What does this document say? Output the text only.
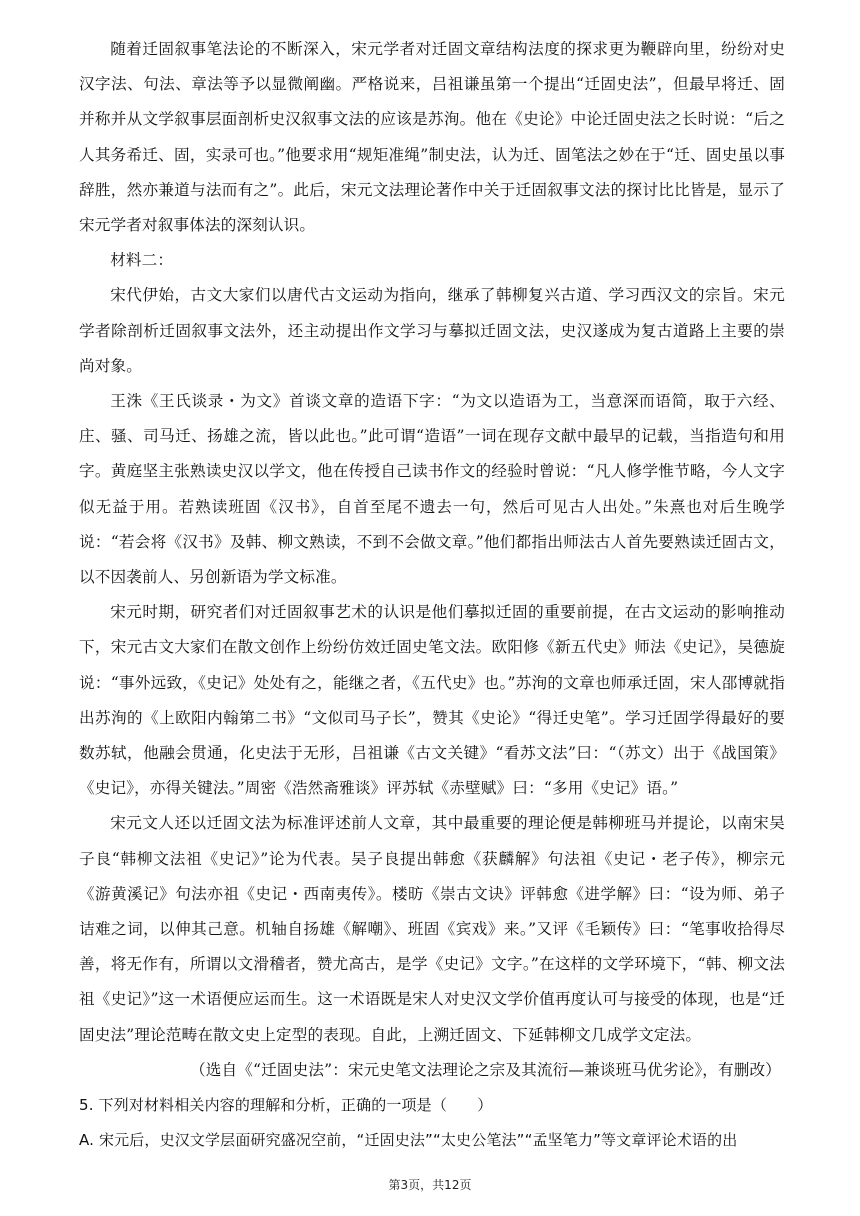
随着迁固叙事笔法论的不断深入，宋元学者对迁固文章结构法度的探求更为鞭辟向里，纷纷对史汉字法、句法、章法等予以显微阐幽。严格说来，吕祖谦虽第一个提出“迁固史法”，但最早将迁、固并称并从文学叙事层面剖析史汉叙事文法的应该是苏洵。他在《史论》中论迁固史法之长时说：“后之人其务希迁、固，实录可也。”他要求用“规矩准绳”制史法，认为迁、固笔法之妙在于“迁、固史虽以事辞胜，然亦兼道与法而有之”。此后，宋元文法理论著作中关于迁固叙事文法的探讨比比皆是，显示了宋元学者对叙事体法的深刻认识。

材料二：

宋代伊始，古文大家们以唐代古文运动为指向，继承了韩柳复兴古道、学习西汉文的宗旨。宋元学者除剖析迁固叙事文法外，还主动提出作文学习与摹拟迁固文法，史汉遂成为复古道路上主要的崇尚对象。

王洙《王氏谈录・为文》首谈文章的造语下字：“为文以造语为工，当意深而语简，取于六经、庄、骚、司马迁、扬雄之流，皆以此也。”此可谓“造语”一词在现存文献中最早的记载，当指造句和用字。黄庭坚主张熟读史汉以学文，他在传授自己读书作文的经验时曾说：“凡人修学惟节略，今人文字似无益于用。若熟读班固《汉书》，自首至尾不遗去一句，然后可见古人出处。”朱熹也对后生晚学说：“若会将《汉书》及韩、柳文熟读，不到不会做文章。”他们都指出师法古人首先要熟读迁固古文，以不因袭前人、另创新语为学文标准。

宋元时期，研究者们对迁固叙事艺术的认识是他们摹拟迁固的重要前提，在古文运动的影响推动下，宋元古文大家们在散文创作上纷纷仿效迁固史笔文法。欧阳修《新五代史》师法《史记》，吴德旋说：“事外远致，《史记》处处有之，能继之者，《五代史》也。”苏洵的文章也师承迁固，宋人邵博就指出苏洵的《上欧阳内翰第二书》“文似司马子长”，赞其《史论》“得迁史笔”。学习迁固学得最好的要数苏轼，他融会贯通，化史法于无形，吕祖谦《古文关键》“看苏文法”曰：“（苏文）出于《战国策》《史记》，亦得关键法。”周密《浩然斋雅谈》评苏轼《赤壁赋》曰：“多用《史记》语。”

宋元文人还以迁固文法为标准评述前人文章，其中最重要的理论便是韩柳班马并提论，以南宋吴子良“韩柳文法祖《史记》”论为代表。吴子良提出韩愈《获麟解》句法祖《史记・老子传》，柳宗元《游黄溪记》句法亦祖《史记・西南夷传》。楼昉《崇古文诀》评韩愈《进学解》曰：“设为师、弟子诘难之词，以伸其己意。机轴自扬雄《解嘲》、班固《宾戏》来。”又评《毛颖传》曰：“笔事收拾得尽善，将无作有，所谓以文滑稽者，赞尤高古，是学《史记》文字。”在这样的文学环境下，“韩、柳文法祖《史记》”这一术语便应运而生。这一术语既是宋人对史汉文学价值再度认可与接受的体现，也是“迁固史法”理论范畴在散文史上定型的表现。自此，上溯迁固文、下延韩柳文几成学文定法。

（选自《“迁固史法”：宋元史笔文法理论之宗及其流衍—兼谈班马优劣论》，有删改）

5. 下列对材料相关内容的理解和分析，正确的一项是（　　）

A. 宋元后，史汉文学层面研究盛况空前，“迁固史法”“太史公笔法”“孟坚笔力”等文章评论术语的出

第3页，共12页
